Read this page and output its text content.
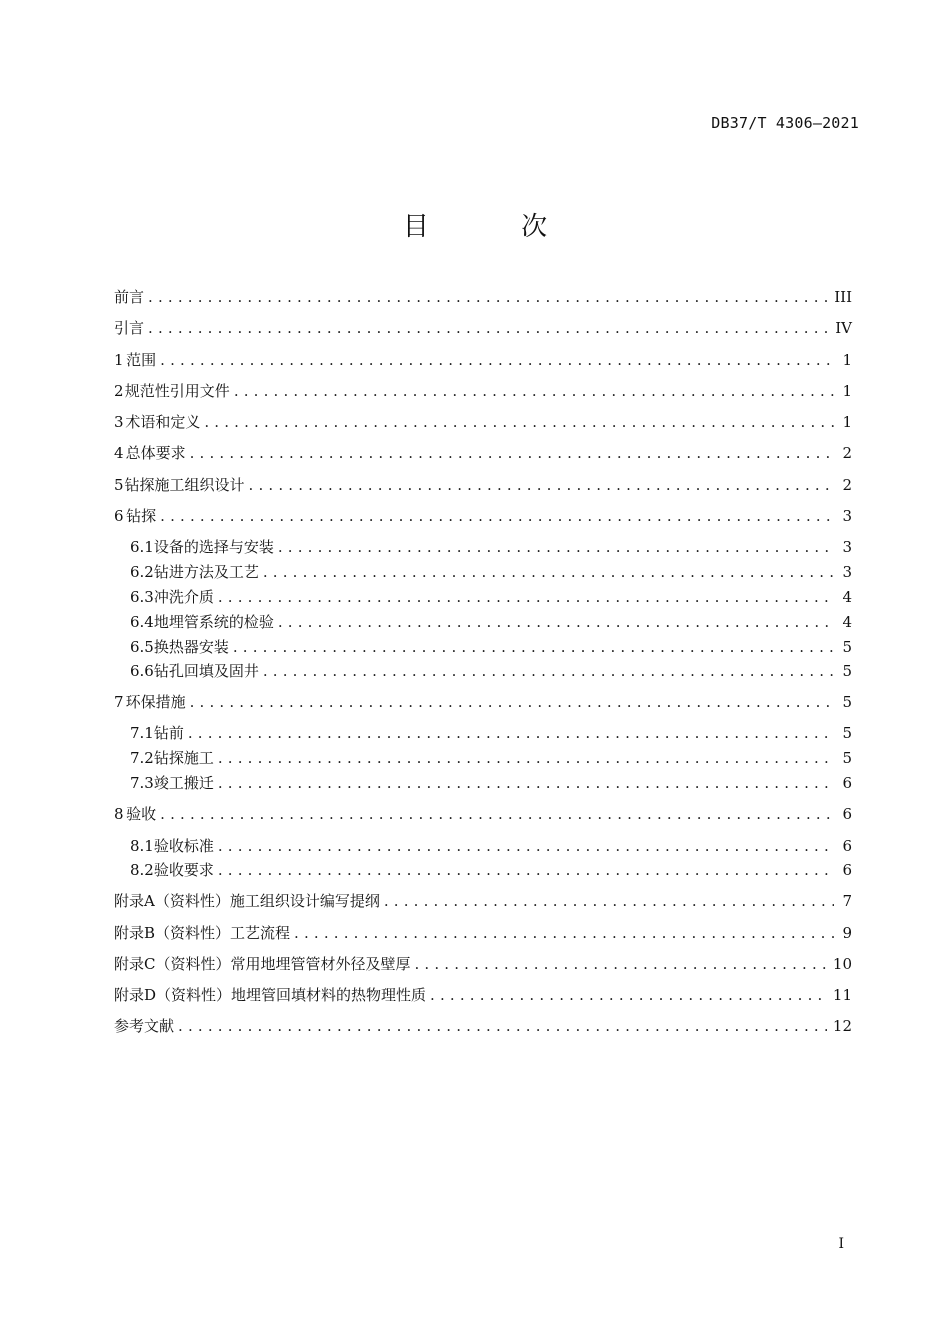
DB37/T 4306—2021
目 次
前言 . . .	III
引言 . . .	IV
1 范围 . . .	1
2 规范性引用文件 . . .	1
3 术语和定义 . . .	1
4 总体要求 . . .	2
5 钻探施工组织设计 . . .	2
6 钻探 . . .	3
6.1 设备的选择与安装 . . .	3
6.2 钻进方法及工艺 . . .	3
6.3 冲洗介质 . . .	4
6.4 地埋管系统的检验 . . .	4
6.5 换热器安装 . . .	5
6.6 钻孔回填及固井 . . .	5
7 环保措施 . . .	5
7.1 钻前 . . .	5
7.2 钻探施工 . . .	5
7.3 竣工搬迁 . . .	6
8 验收 . . .	6
8.1 验收标准 . . .	6
8.2 验收要求 . . .	6
附录A（资料性） 施工组织设计编写提纲 . . .	7
附录B（资料性） 工艺流程 . . .	9
附录C（资料性） 常用地埋管管材外径及壁厚 . . .	10
附录D（资料性） 地埋管回填材料的热物理性质 . . .	11
参考文献 . . .	12
I
